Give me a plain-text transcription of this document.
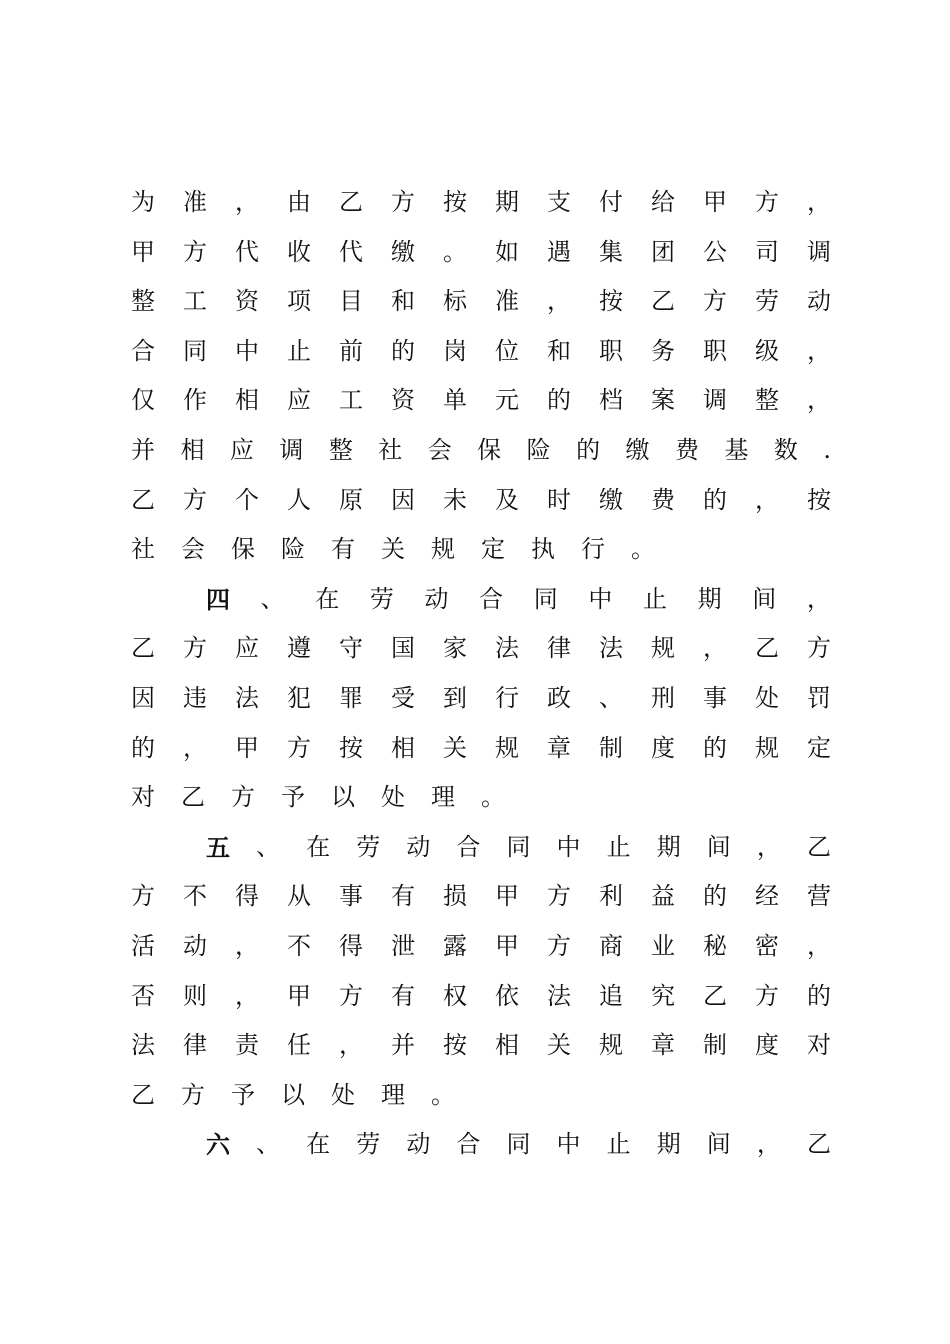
为 准 ， 由 乙 方 按 期 支 付 给 甲 方 ，
甲 方 代 收 代 缴 。 如 遇 集 团 公 司 调
整 工 资 项 目 和 标 准 ， 按 乙 方 劳 动
合 同 中 止 前 的 岗 位 和 职 务 职 级 ，
仅 作 相 应 工 资 单 元 的 档 案 调 整 ，
并 相 应 调 整 社 会 保 险 的 缴 费 基 数 .
乙 方 个 人 原 因 未 及 时 缴 费 的 ， 按
社	会	保	险	有	关	规	定	执	行	。
四 、 在 劳 动 合 同 中 止 期 间 ，
乙 方 应 遵 守 国 家 法 律 法 规 ， 乙 方
因 违 法 犯 罪 受 到 行 政 、 刑 事 处 罚
的 ， 甲 方 按 相 关 规 章 制 度 的 规 定
对	乙	方	予	以	处	理	。
五 、 在 劳 动 合 同 中 止 期 间 ， 乙
方 不 得 从 事 有 损 甲 方 利 益 的 经 营
活 动 ， 不 得 泄 露 甲 方 商 业 秘 密 ，
否 则 ， 甲 方 有 权 依 法 追 究 乙 方 的
法 律 责 任 ， 并 按 相 关 规 章 制 度 对
乙	方	予	以	处	理	。
六 、 在 劳 动 合 同 中 止 期 间 ， 乙
